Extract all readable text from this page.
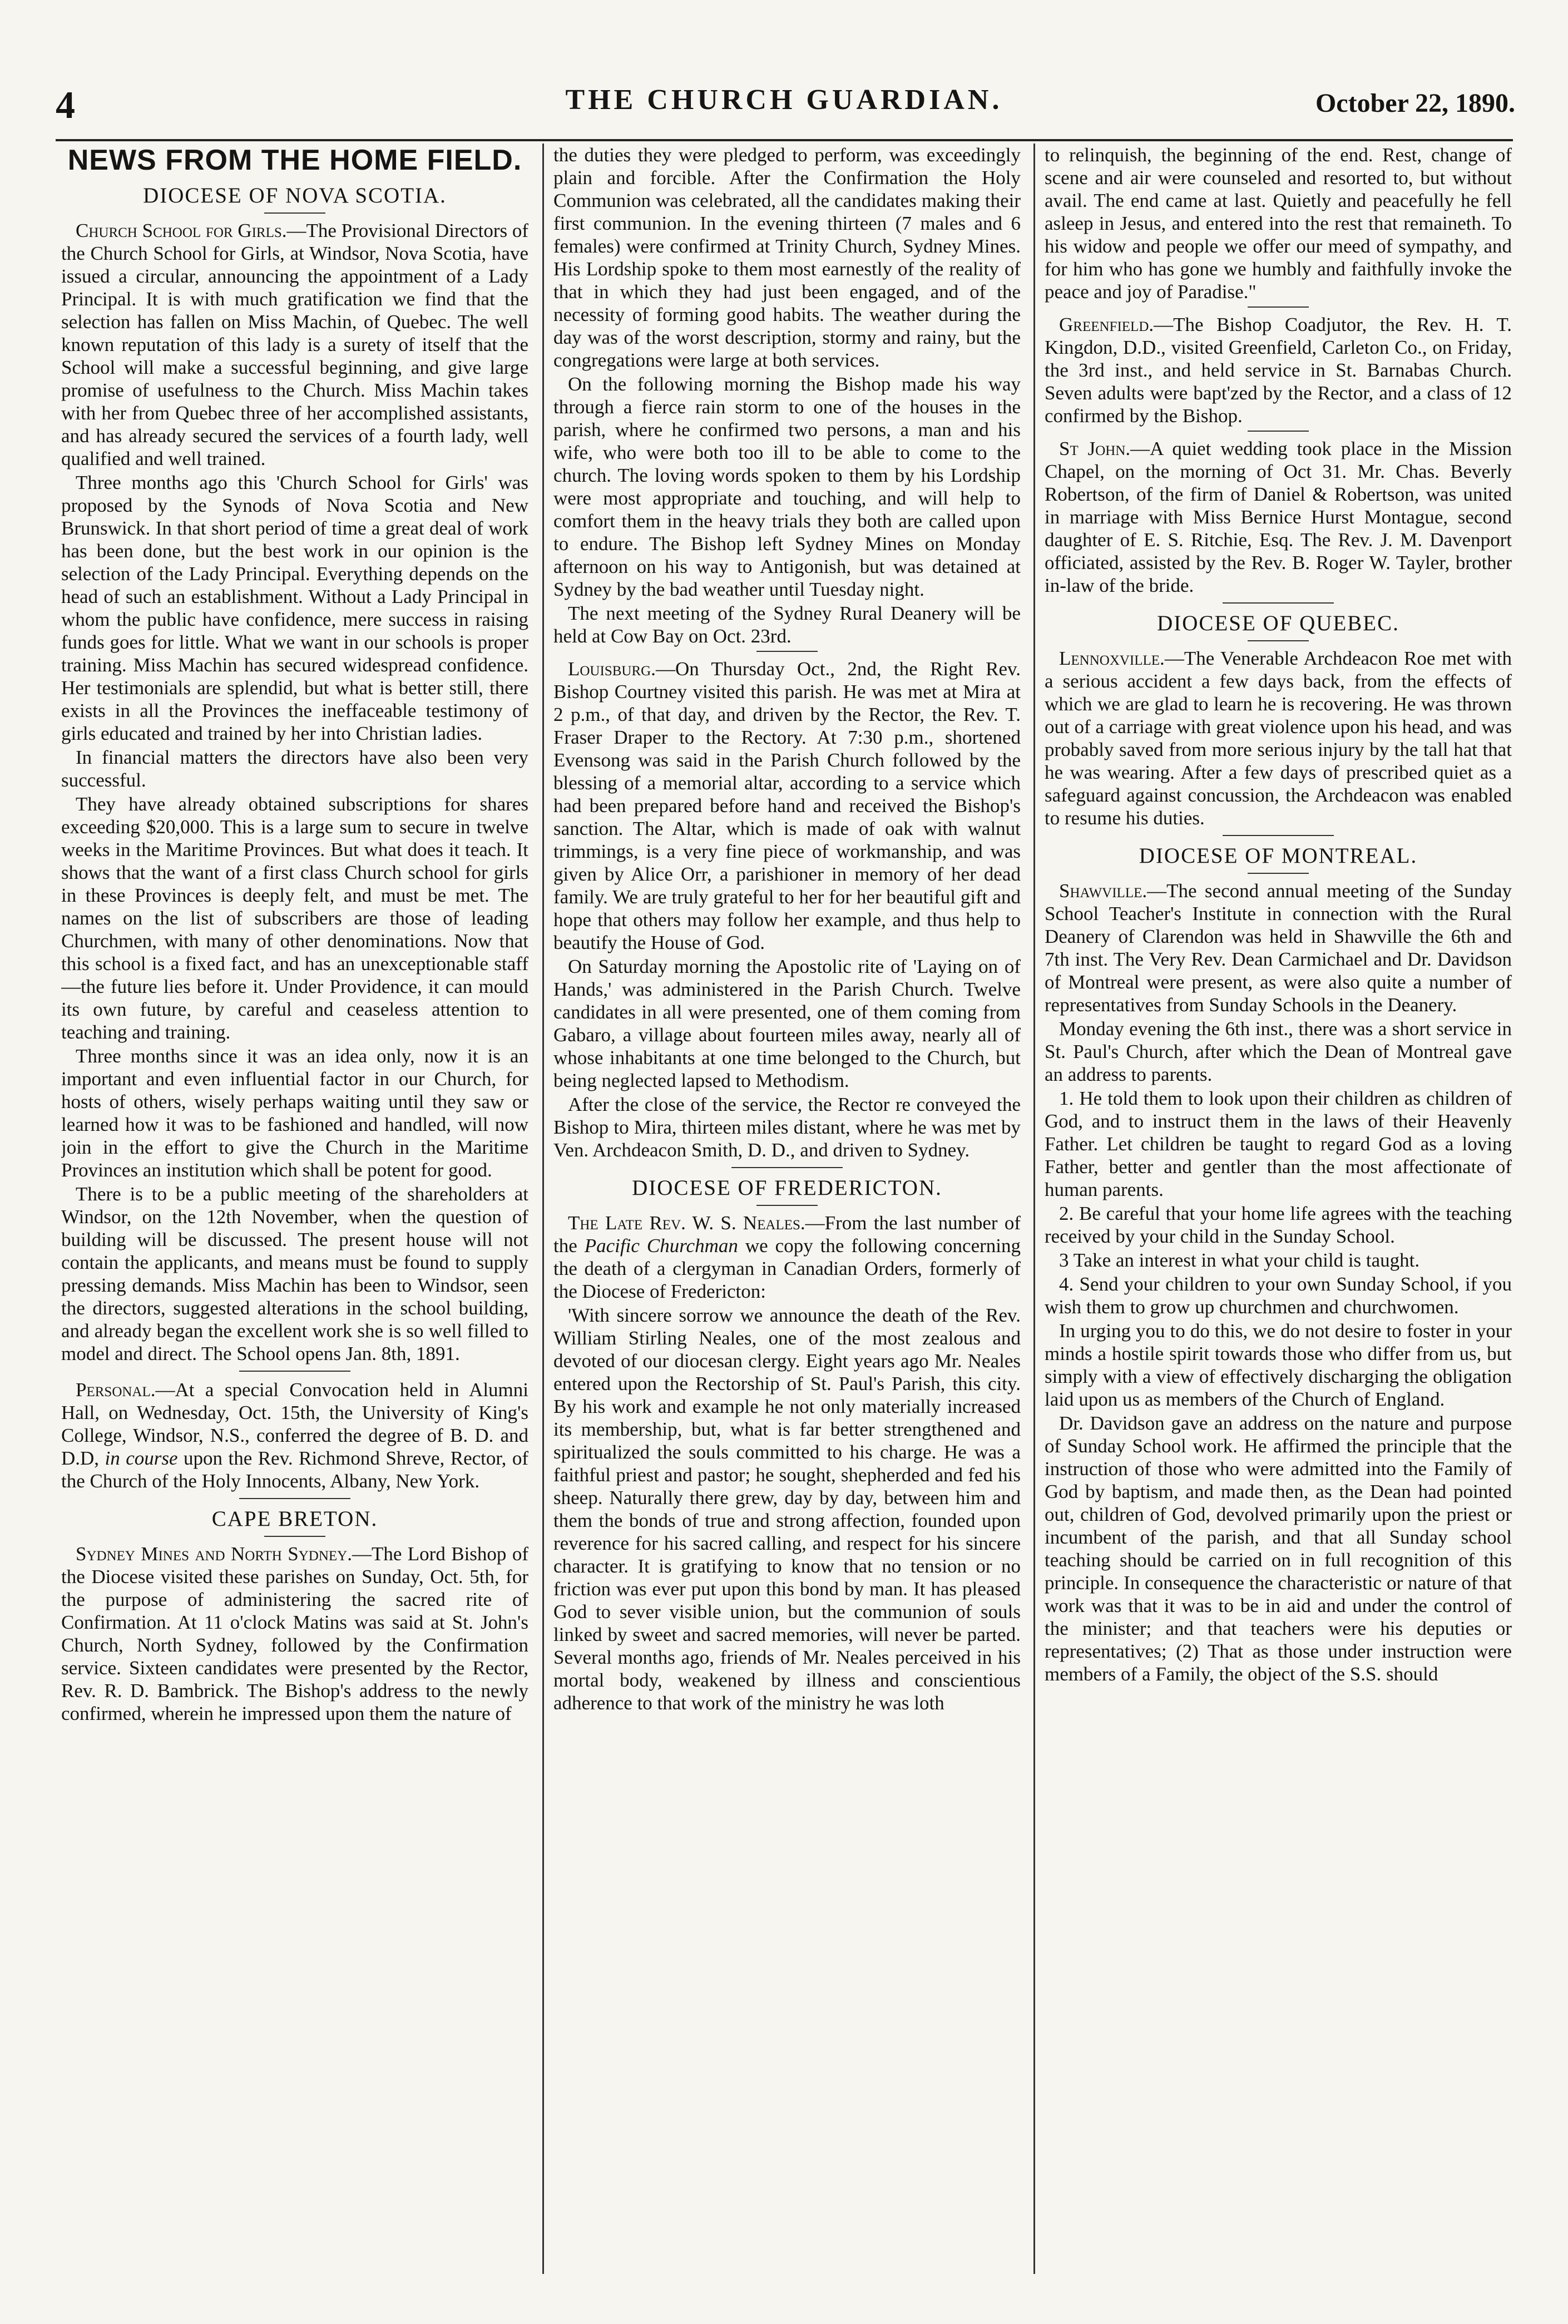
4	THE CHURCH GUARDIAN.	October 22, 1890.
NEWS FROM THE HOME FIELD.
DIOCESE OF NOVA SCOTIA.

Church School for Girls.—The Provisional Directors of the Church School for Girls, at Windsor, Nova Scotia, have issued a circular, announcing the appointment of a Lady Principal. It is with much gratification we find that the selection has fallen on Miss Machin, of Quebec. The well known reputation of this lady is a surety of itself that the School will make a successful beginning, and give large promise of usefulness to the Church. Miss Machin takes with her from Quebec three of her accomplished assistants, and has already secured the services of a fourth lady, well qualified and well trained.

Three months ago this 'Church School for Girls' was proposed by the Synods of Nova Scotia and New Brunswick. In that short period of time a great deal of work has been done, but the best work in our opinion is the selection of the Lady Principal. Everything depends on the head of such an establishment. Without a Lady Principal in whom the public have confidence, mere success in raising funds goes for little. What we want in our schools is proper training. Miss Machin has secured widespread confidence. Her testimonials are splendid, but what is better still, there exists in all the Provinces the ineffaceable testimony of girls educated and trained by her into Christian ladies.

In financial matters the directors have also been very successful.

They have already obtained subscriptions for shares exceeding $20,000. This is a large sum to secure in twelve weeks in the Maritime Provinces. But what does it teach. It shows that the want of a first class Church school for girls in these Provinces is deeply felt, and must be met. The names on the list of subscribers are those of leading Churchmen, with many of other denominations. Now that this school is a fixed fact, and has an unexceptionable staff—the future lies before it. Under Providence, it can mould its own future, by careful and ceaseless attention to teaching and training.

Three months since it was an idea only, now it is an important and even influential factor in our Church, for hosts of others, wisely perhaps waiting until they saw or learned how it was to be fashioned and handled, will now join in the effort to give the Church in the Maritime Provinces an institution which shall be potent for good.

There is to be a public meeting of the shareholders at Windsor, on the 12th November, when the question of building will be discussed. The present house will not contain the applicants, and means must be found to supply pressing demands. Miss Machin has been to Windsor, seen the directors, suggested alterations in the school building, and already began the excellent work she is so well filled to model and direct. The School opens Jan. 8th, 1891.

Personal.—At a special Convocation held in Alumni Hall, on Wednesday, Oct. 15th, the University of King's College, Windsor, N.S., conferred the degree of B. D. and D.D, in course upon the Rev. Richmond Shreve, Rector, of the Church of the Holy Innocents, Albany, New York.

CAPE BRETON.

Sydney Mines and North Sydney.—The Lord Bishop of the Diocese visited these parishes on Sunday, Oct. 5th, for the purpose of administering the sacred rite of Confirmation. At 11 o'clock Matins was said at St. John's Church, North Sydney, followed by the Confirmation service. Sixteen candidates were presented by the Rector, Rev. R. D. Bambrick. The Bishop's address to the newly confirmed, wherein he impressed upon them the nature of

the duties they were pledged to perform, was exceedingly plain and forcible. After the Confirmation the Holy Communion was celebrated, all the candidates making their first communion. In the evening thirteen (7 males and 6 females) were confirmed at Trinity Church, Sydney Mines. His Lordship spoke to them most earnestly of the reality of that in which they had just been engaged, and of the necessity of forming good habits. The weather during the day was of the worst description, stormy and rainy, but the congregations were large at both services.

On the following morning the Bishop made his way through a fierce rain storm to one of the houses in the parish, where he confirmed two persons, a man and his wife, who were both too ill to be able to come to the church. The loving words spoken to them by his Lordship were most appropriate and touching, and will help to comfort them in the heavy trials they both are called upon to endure. The Bishop left Sydney Mines on Monday afternoon on his way to Antigonish, but was detained at Sydney by the bad weather until Tuesday night.

The next meeting of the Sydney Rural Deanery will be held at Cow Bay on Oct. 23rd.

Louisburg.—On Thursday Oct., 2nd, the Right Rev. Bishop Courtney visited this parish. He was met at Mira at 2 p.m., of that day, and driven by the Rector, the Rev. T. Fraser Draper to the Rectory. At 7:30 p.m., shortened Evensong was said in the Parish Church followed by the blessing of a memorial altar, according to a service which had been prepared before hand and received the Bishop's sanction. The Altar, which is made of oak with walnut trimmings, is a very fine piece of workmanship, and was given by Alice Orr, a parishioner in memory of her dead family. We are truly grateful to her for her beautiful gift and hope that others may follow her example, and thus help to beautify the House of God.

On Saturday morning the Apostolic rite of 'Laying on of Hands,' was administered in the Parish Church. Twelve candidates in all were presented, one of them coming from Gabaro, a village about fourteen miles away, nearly all of whose inhabitants at one time belonged to the Church, but being neglected lapsed to Methodism.

After the close of the service, the Rector re conveyed the Bishop to Mira, thirteen miles distant, where he was met by Ven. Archdeacon Smith, D. D., and driven to Sydney.

DIOCESE OF FREDERICTON.

The Late Rev. W. S. Neales.—From the last number of the Pacific Churchman we copy the following concerning the death of a clergyman in Canadian Orders, formerly of the Diocese of Fredericton:

'With sincere sorrow we announce the death of the Rev. William Stirling Neales, one of the most zealous and devoted of our diocesan clergy. Eight years ago Mr. Neales entered upon the Rectorship of St. Paul's Parish, this city. By his work and example he not only materially increased its membership, but, what is far better strengthened and spiritualized the souls committed to his charge. He was a faithful priest and pastor; he sought, shepherded and fed his sheep. Naturally there grew, day by day, between him and them the bonds of true and strong affection, founded upon reverence for his sacred calling, and respect for his sincere character. It is gratifying to know that no tension or no friction was ever put upon this bond by man. It has pleased God to sever visible union, but the communion of souls linked by sweet and sacred memories, will never be parted. Several months ago, friends of Mr. Neales perceived in his mortal body, weakened by illness and conscientious adherence to that work of the ministry he was loth

to relinquish, the beginning of the end. Rest, change of scene and air were counseled and resorted to, but without avail. The end came at last. Quietly and peacefully he fell asleep in Jesus, and entered into the rest that remaineth. To his widow and people we offer our meed of sympathy, and for him who has gone we humbly and faithfully invoke the peace and joy of Paradise."

Greenfield.—The Bishop Coadjutor, the Rev. H. T. Kingdon, D.D., visited Greenfield, Carleton Co., on Friday, the 3rd inst., and held service in St. Barnabas Church. Seven adults were bapt'zed by the Rector, and a class of 12 confirmed by the Bishop.

St John.—A quiet wedding took place in the Mission Chapel, on the morning of Oct 31. Mr. Chas. Beverly Robertson, of the firm of Daniel & Robertson, was united in marriage with Miss Bernice Hurst Montague, second daughter of E. S. Ritchie, Esq. The Rev. J. M. Davenport officiated, assisted by the Rev. B. Roger W. Tayler, brother in-law of the bride.

DIOCESE OF QUEBEC.

Lennoxville.—The Venerable Archdeacon Roe met with a serious accident a few days back, from the effects of which we are glad to learn he is recovering. He was thrown out of a carriage with great violence upon his head, and was probably saved from more serious injury by the tall hat that he was wearing. After a few days of prescribed quiet as a safeguard against concussion, the Archdeacon was enabled to resume his duties.

DIOCESE OF MONTREAL.

Shawville.—The second annual meeting of the Sunday School Teacher's Institute in connection with the Rural Deanery of Clarendon was held in Shawville the 6th and 7th inst. The Very Rev. Dean Carmichael and Dr. Davidson of Montreal were present, as were also quite a number of representatives from Sunday Schools in the Deanery.

Monday evening the 6th inst., there was a short service in St. Paul's Church, after which the Dean of Montreal gave an address to parents.

1. He told them to look upon their children as children of God, and to instruct them in the laws of their Heavenly Father. Let children be taught to regard God as a loving Father, better and gentler than the most affectionate of human parents.

2. Be careful that your home life agrees with the teaching received by your child in the Sunday School.

3 Take an interest in what your child is taught.

4. Send your children to your own Sunday School, if you wish them to grow up churchmen and churchwomen.

In urging you to do this, we do not desire to foster in your minds a hostile spirit towards those who differ from us, but simply with a view of effectively discharging the obligation laid upon us as members of the Church of England.

Dr. Davidson gave an address on the nature and purpose of Sunday School work. He affirmed the principle that the instruction of those who were admitted into the Family of God by baptism, and made then, as the Dean had pointed out, children of God, devolved primarily upon the priest or incumbent of the parish, and that all Sunday school teaching should be carried on in full recognition of this principle. In consequence the characteristic or nature of that work was that it was to be in aid and under the control of the minister; and that teachers were his deputies or representatives; (2) That as those under instruction were members of a Family, the object of the S.S. should
